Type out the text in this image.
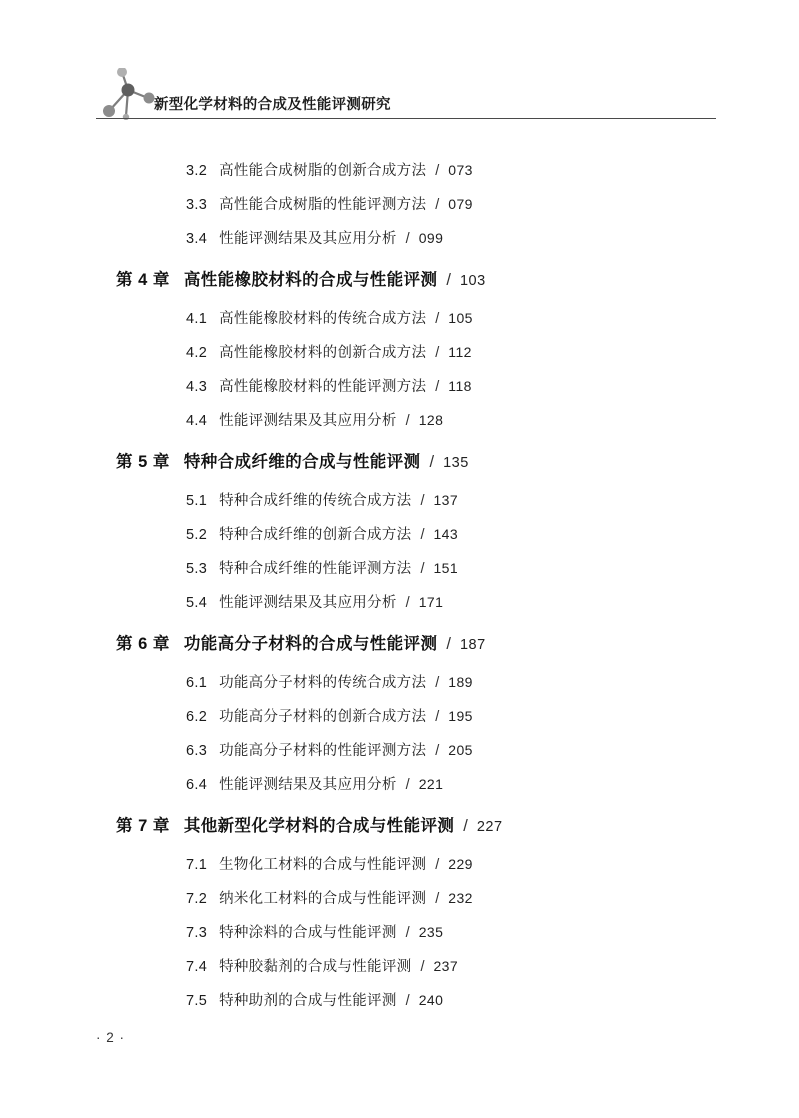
新型化学材料的合成及性能评测研究
3.2 高性能合成树脂的创新合成方法 / 073
3.3 高性能合成树脂的性能评测方法 / 079
3.4 性能评测结果及其应用分析 / 099
第 4 章 高性能橡胶材料的合成与性能评测 / 103
4.1 高性能橡胶材料的传统合成方法 / 105
4.2 高性能橡胶材料的创新合成方法 / 112
4.3 高性能橡胶材料的性能评测方法 / 118
4.4 性能评测结果及其应用分析 / 128
第 5 章 特种合成纤维的合成与性能评测 / 135
5.1 特种合成纤维的传统合成方法 / 137
5.2 特种合成纤维的创新合成方法 / 143
5.3 特种合成纤维的性能评测方法 / 151
5.4 性能评测结果及其应用分析 / 171
第 6 章 功能高分子材料的合成与性能评测 / 187
6.1 功能高分子材料的传统合成方法 / 189
6.2 功能高分子材料的创新合成方法 / 195
6.3 功能高分子材料的性能评测方法 / 205
6.4 性能评测结果及其应用分析 / 221
第 7 章 其他新型化学材料的合成与性能评测 / 227
7.1 生物化工材料的合成与性能评测 / 229
7.2 纳米化工材料的合成与性能评测 / 232
7.3 特种涂料的合成与性能评测 / 235
7.4 特种胶黏剂的合成与性能评测 / 237
7.5 特种助剂的合成与性能评测 / 240
· 2 ·
